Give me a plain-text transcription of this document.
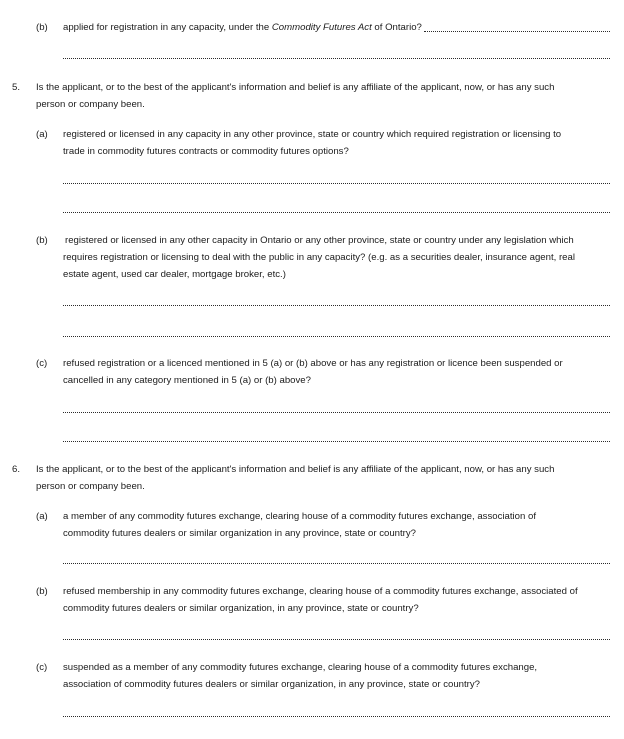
(b) applied for registration in any capacity, under the Commodity Futures Act of Ontario?
5. Is the applicant, or to the best of the applicant's information and belief is any affiliate of the applicant, now, or has any such
person or company been.
(a) registered or licensed in any capacity in any other province, state or country which required registration or licensing to
trade in commodity futures contracts or commodity futures options?
(b) registered or licensed in any other capacity in Ontario or any other province, state or country under any legislation which
requires registration or licensing to deal with the public in any capacity? (e.g. as a securities dealer, insurance agent, real
estate agent, used car dealer, mortgage broker, etc.)
(c) refused registration or a licenced mentioned in 5 (a) or (b) above or has any registration or licence been suspended or
cancelled in any category mentioned in 5 (a) or (b) above?
6. Is the applicant, or to the best of the applicant's information and belief is any affiliate of the applicant, now, or has any such
person or company been.
(a) a member of any commodity futures exchange, clearing house of a commodity futures exchange, association of
commodity futures dealers or similar organization in any province, state or country?
(b) refused membership in any commodity futures exchange, clearing house of a commodity futures exchange, associated of
commodity futures dealers or similar organization, in any province, state or country?
(c) suspended as a member of any commodity futures exchange, clearing house of a commodity futures exchange,
association of commodity futures dealers or similar organization, in any province, state or country?
